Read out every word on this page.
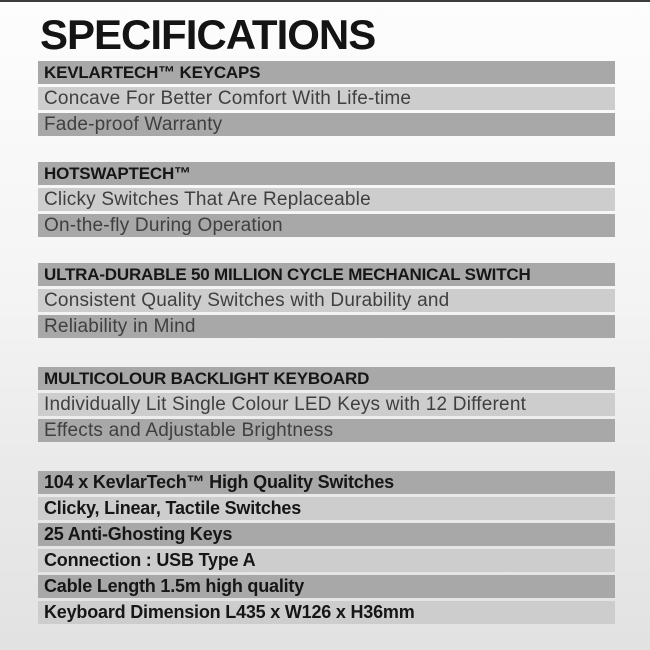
SPECIFICATIONS
KEVLARTECH™ KEYCAPS
Concave For Better Comfort With Life-time
Fade-proof Warranty
HOTSWAPTECH™
Clicky Switches That Are Replaceable
On-the-fly During Operation
ULTRA-DURABLE 50 MILLION CYCLE MECHANICAL SWITCH
Consistent Quality Switches with Durability and
Reliability in Mind
MULTICOLOUR BACKLIGHT KEYBOARD
Individually Lit Single Colour LED Keys with 12 Different
Effects and Adjustable Brightness
104 x KevlarTech™ High Quality Switches
Clicky, Linear, Tactile Switches
25 Anti-Ghosting Keys
Connection : USB Type A
Cable Length 1.5m high quality
Keyboard Dimension L435 x W126 x H36mm
